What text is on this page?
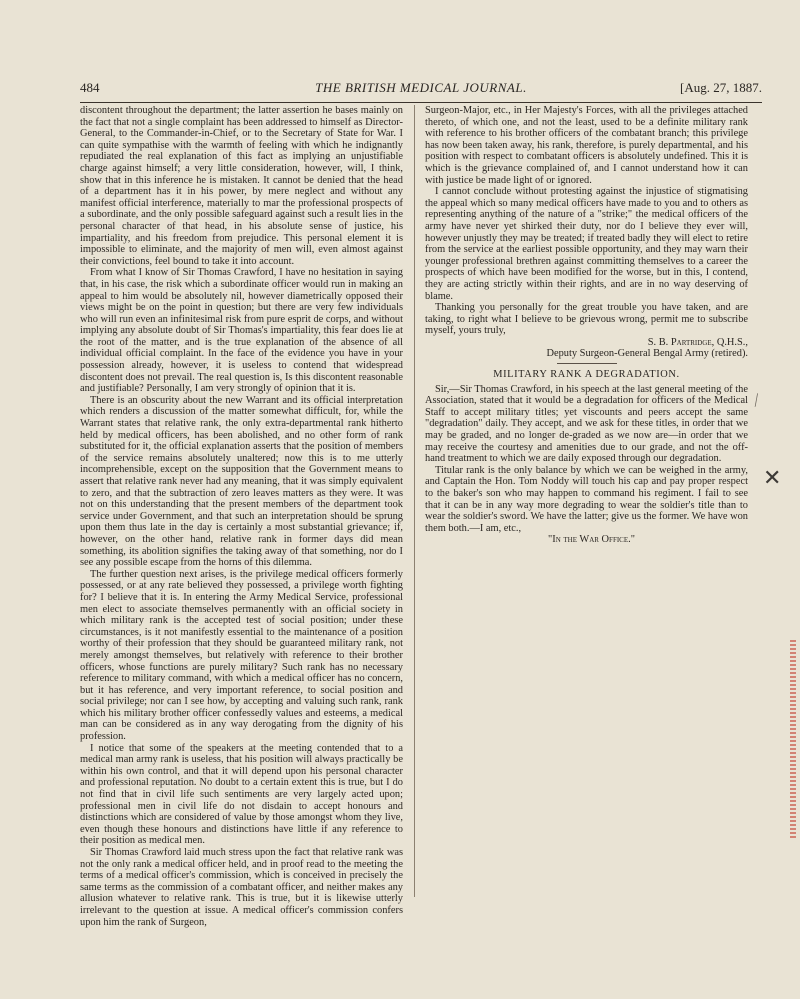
484	THE BRITISH MEDICAL JOURNAL.	[Aug. 27, 1887.

discontent throughout the department; the latter assertion he bases mainly on the fact that not a single complaint has been addressed to himself as Director-General, to the Commander-in-Chief, or to the Secretary of State for War. I can quite sympathise with the warmth of feeling with which he indignantly repudiated the real explanation of this fact as implying an unjustifiable charge against himself; a very little consideration, however, will, I think, show that in this inference he is mistaken. It cannot be denied that the head of a department has it in his power, by mere neglect and without any manifest official interference, materially to mar the professional prospects of a subordinate, and the only possible safeguard against such a result lies in the personal character of that head, in his absolute sense of justice, his impartiality, and his freedom from prejudice. This personal element it is impossible to eliminate, and the majority of men will, even almost against their convictions, feel bound to take it into account.

From what I know of Sir Thomas Crawford, I have no hesitation in saying that, in his case, the risk which a subordinate officer would run in making an appeal to him would be absolutely nil, however diametrically opposed their views might be on the point in question; but there are very few individuals who will run even an infinitesimal risk from pure esprit de corps, and without implying any absolute doubt of Sir Thomas's impartiality, this fear does lie at the root of the matter, and is the true explanation of the absence of all individual official complaint. In the face of the evidence you have in your possession already, however, it is useless to contend that widespread discontent does not prevail. The real question is, Is this discontent reasonable and justifiable? Personally, I am very strongly of opinion that it is.

There is an obscurity about the new Warrant and its official interpretation which renders a discussion of the matter somewhat difficult, for, while the Warrant states that relative rank, the only extra-departmental rank hitherto held by medical officers, has been abolished, and no other form of rank substituted for it, the official explanation asserts that the position of members of the service remains absolutely unaltered; now this is to me utterly incomprehensible, except on the supposition that the Government means to assert that relative rank never had any meaning, that it was simply equivalent to zero, and that the subtraction of zero leaves matters as they were. It was not on this understanding that the present members of the department took service under Government, and that such an interpretation should be sprung upon them thus late in the day is certainly a most substantial grievance; if, however, on the other hand, relative rank in former days did mean something, its abolition signifies the taking away of that something, nor do I see any possible escape from the horns of this dilemma.

The further question next arises, is the privilege medical officers formerly possessed, or at any rate believed they possessed, a privilege worth fighting for? I believe that it is. In entering the Army Medical Service, professional men elect to associate themselves permanently with an official society in which military rank is the accepted test of social position; under these circumstances, is it not manifestly essential to the maintenance of a position worthy of their profession that they should be guaranteed military rank, not merely amongst themselves, but relatively with reference to their brother officers, whose functions are purely military? Such rank has no necessary reference to military command, with which a medical officer has no concern, but it has reference, and very important reference, to social position and social privilege; nor can I see how, by accepting and valuing such rank, rank which his military brother officer confessedly values and esteems, a medical man can be considered as in any way derogating from the dignity of his profession.

I notice that some of the speakers at the meeting contended that to a medical man army rank is useless, that his position will always practically be within his own control, and that it will depend upon his personal character and professional reputation. No doubt to a certain extent this is true, but I do not find that in civil life such sentiments are very largely acted upon; professional men in civil life do not disdain to accept honours and distinctions which are considered of value by those amongst whom they live, even though these honours and distinctions have little if any reference to their position as medical men.

Sir Thomas Crawford laid much stress upon the fact that relative rank was not the only rank a medical officer held, and in proof read to the meeting the terms of a medical officer's commission, which is conceived in precisely the same terms as the commission of a combatant officer, and neither makes any allusion whatever to relative rank. This is true, but it is likewise utterly irrelevant to the question at issue. A medical officer's commission confers upon him the rank of Surgeon,

Surgeon-Major, etc., in Her Majesty's Forces, with all the privileges attached thereto, of which one, and not the least, used to be a definite military rank with reference to his brother officers of the combatant branch; this privilege has now been taken away, his rank, therefore, is purely departmental, and his position with respect to combatant officers is absolutely undefined. This it is which is the grievance complained of, and I cannot understand how it can with justice be made light of or ignored.

I cannot conclude without protesting against the injustice of stigmatising the appeal which so many medical officers have made to you and to others as representing anything of the nature of a "strike;" the medical officers of the army have never yet shirked their duty, nor do I believe they ever will, however unjustly they may be treated; if treated badly they will elect to retire from the service at the earliest possible opportunity, and they may warn their younger professional brethren against committing themselves to a career the prospects of which have been modified for the worse, but in this, I contend, they are acting strictly within their rights, and are in no way deserving of blame.

Thanking you personally for the great trouble you have taken, and are taking, to right what I believe to be grievous wrong, permit me to subscribe myself, yours truly,

S. B. Partridge, Q.H.S.,

Deputy Surgeon-General Bengal Army (retired).

MILITARY RANK A DEGRADATION.

Sir,—Sir Thomas Crawford, in his speech at the last general meeting of the Association, stated that it would be a degradation for officers of the Medical Staff to accept military titles; yet viscounts and peers accept the same "degradation" daily. They accept, and we ask for these titles, in order that we may be graded, and no longer de-graded as we now are—in order that we may receive the courtesy and amenities due to our grade, and not the off-hand treatment to which we are daily exposed through our degradation.

Titular rank is the only balance by which we can be weighed in the army, and Captain the Hon. Tom Noddy will touch his cap and pay proper respect to the baker's son who may happen to command his regiment. I fail to see that it can be in any way more degrading to wear the soldier's title than to wear the soldier's sword. We have the latter; give us the former. We have won them both.—I am, etc.,

"In the War Office."

⟋
✕
